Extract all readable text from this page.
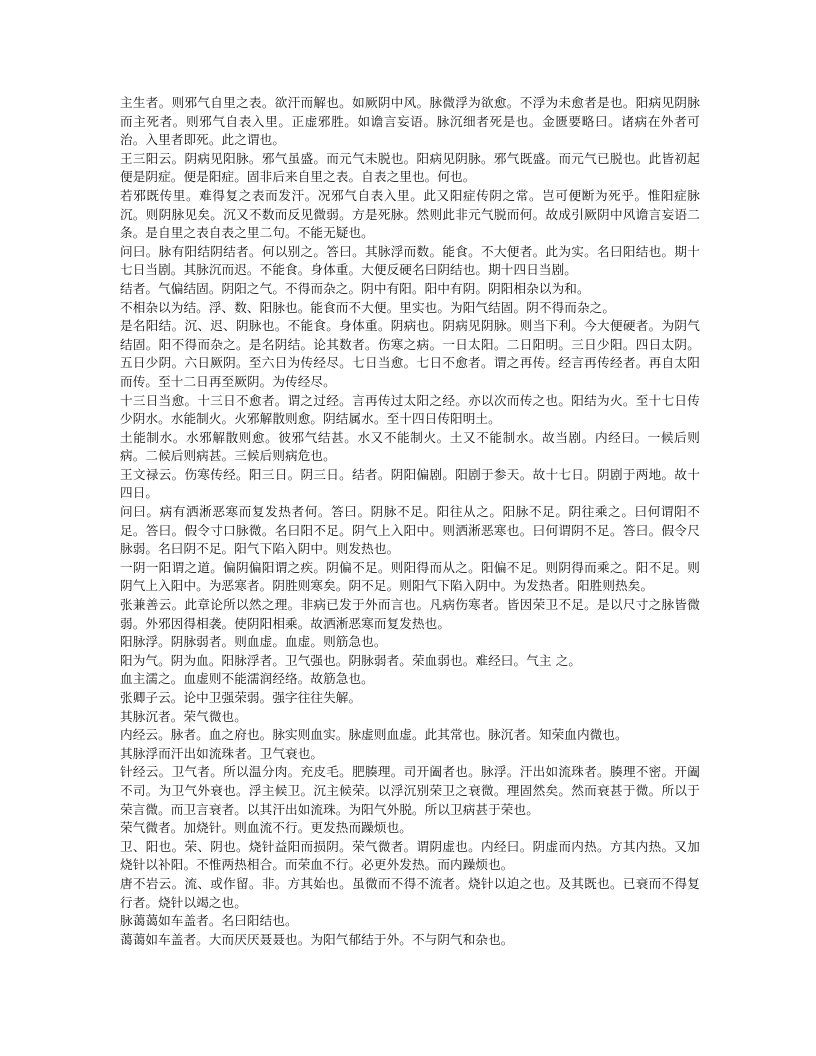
主生者。则邪气自里之表。欲汗而解也。如厥阴中风。脉微浮为欲愈。不浮为未愈者是也。阳病见阴脉而主死者。则邪气自表入里。正虚邪胜。如谵言妄语。脉沉细者死是也。金匮要略曰。诸病在外者可治。入里者即死。此之谓也。

王三阳云。阴病见阳脉。邪气虽盛。而元气未脱也。阳病见阴脉。邪气既盛。而元气已脱也。此皆初起便是阴症。便是阳症。固非后来自里之表。自表之里也。何也。

若邪既传里。难得复之表而发汗。况邪气自表入里。此又阳症传阴之常。岂可便断为死乎。惟阳症脉沉。则阴脉见矣。沉又不数而反见微弱。方是死脉。然则此非元气脱而何。故成引厥阴中风谵言妄语二条。是自里之表自表之里二句。不能无疑也。

问曰。脉有阳结阴结者。何以别之。答曰。其脉浮而数。能食。不大便者。此为实。名曰阳结也。期十七日当剧。其脉沉而迟。不能食。身体重。大便反硬名曰阴结也。期十四日当剧。

结者。气偏结固。阴阳之气。不得而杂之。阴中有阳。阳中有阴。阴阳相杂以为和。

不相杂以为结。浮、数、阳脉也。能食而不大便。里实也。为阳气结固。阴不得而杂之。

是名阳结。沉、迟、阴脉也。不能食。身体重。阴病也。阴病见阴脉。则当下利。今大便硬者。为阴气结固。阳不得而杂之。是名阴结。论其数者。伤寒之病。一日太阳。二日阳明。三日少阳。四日太阴。五日少阴。六日厥阴。至六日为传经尽。七日当愈。七日不愈者。谓之再传。经言再传经者。再自太阳而传。至十二日再至厥阴。为传经尽。

十三日当愈。十三日不愈者。谓之过经。言再传过太阳之经。亦以次而传之也。阳结为火。至十七日传少阴水。水能制火。火邪解散则愈。阴结属水。至十四日传阳明土。

土能制水。水邪解散则愈。彼邪气结甚。水又不能制火。土又不能制水。故当剧。内经曰。一候后则病。二候后则病甚。三候后则病危也。

王文禄云。伤寒传经。阳三日。阴三日。结者。阴阳偏剧。阳剧于参天。故十七日。阴剧于两地。故十四日。

问曰。病有洒淅恶寒而复发热者何。答曰。阴脉不足。阳往从之。阳脉不足。阴往乘之。曰何谓阳不足。答曰。假令寸口脉微。名曰阳不足。阴气上入阳中。则洒淅恶寒也。曰何谓阴不足。答曰。假令尺脉弱。名曰阴不足。阳气下陷入阴中。则发热也。

一阴一阳谓之道。偏阴偏阳谓之疾。阴偏不足。则阳得而从之。阳偏不足。则阴得而乘之。阳不足。则阴气上入阳中。为恶寒者。阴胜则寒矣。阴不足。则阳气下陷入阴中。为发热者。阳胜则热矣。

张兼善云。此章论所以然之理。非病已发于外而言也。凡病伤寒者。皆因荣卫不足。是以尺寸之脉皆微弱。外邪因得相袭。使阴阳相乘。故洒淅恶寒而复发热也。

阳脉浮。阴脉弱者。则血虚。血虚。则筋急也。

阳为气。阴为血。阳脉浮者。卫气强也。阴脉弱者。荣血弱也。难经曰。气主 之。

血主濡之。血虚则不能濡润经络。故筋急也。

张卿子云。论中卫强荣弱。强字往往失解。

其脉沉者。荣气微也。

内经云。脉者。血之府也。脉实则血实。脉虚则血虚。此其常也。脉沉者。知荣血内微也。

其脉浮而汗出如流珠者。卫气衰也。

针经云。卫气者。所以温分肉。充皮毛。肥腠理。司开阖者也。脉浮。汗出如流珠者。腠理不密。开阖不司。为卫气外衰也。浮主候卫。沉主候荣。以浮沉别荣卫之衰微。理固然矣。然而衰甚于微。所以于荣言微。而卫言衰者。以其汗出如流珠。为阳气外脱。所以卫病甚于荣也。

荣气微者。加烧针。则血流不行。更发热而躁烦也。

卫、阳也。荣、阴也。烧针益阳而损阴。荣气微者。谓阴虚也。内经曰。阴虚而内热。方其内热。又加烧针以补阳。不惟两热相合。而荣血不行。必更外发热。而内躁烦也。

唐不岩云。流、或作留。非。方其始也。虽微而不得不流者。烧针以迫之也。及其既也。已衰而不得复行者。烧针以竭之也。

脉蔼蔼如车盖者。名曰阳结也。

蔼蔼如车盖者。大而厌厌聂聂也。为阳气郁结于外。不与阴气和杂也。
